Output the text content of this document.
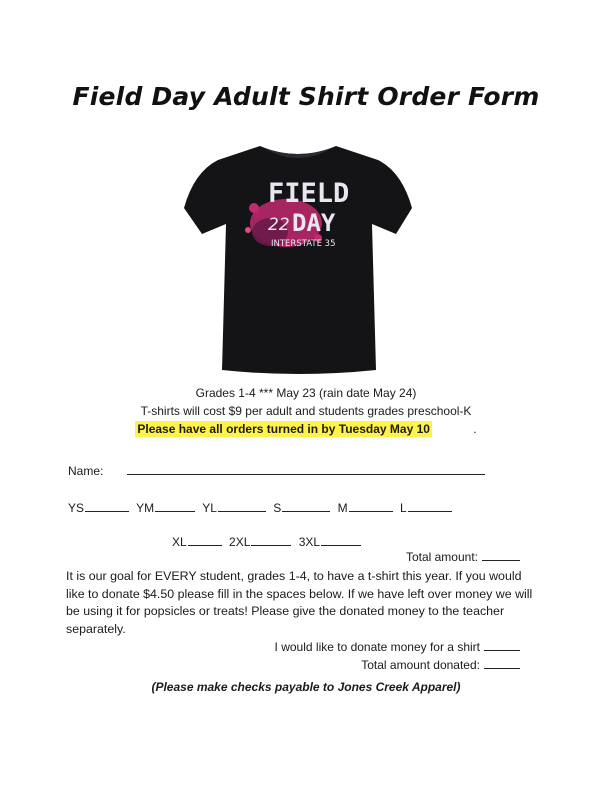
Field Day Adult Shirt Order Form
FIELD
22 DAY
INTERSTATE 35
Grades 1-4 *** May 23 (rain date May 24)
T-shirts will cost $9 per adult and students grades preschool-K
Please have all orders turned in by Tuesday May 10	.
Name:
YS	YM	YL	S	M	L
XL	2XL	3XL
Total amount:
It is our goal for EVERY student, grades 1-4, to have a t-shirt this year. If you would like to donate $4.50 please fill in the spaces below. If we have left over money we will be using it for popsicles or treats! Please give the donated money to the teacher separately.
I would like to donate money for a shirt
Total amount donated:
(Please make checks payable to Jones Creek Apparel)
